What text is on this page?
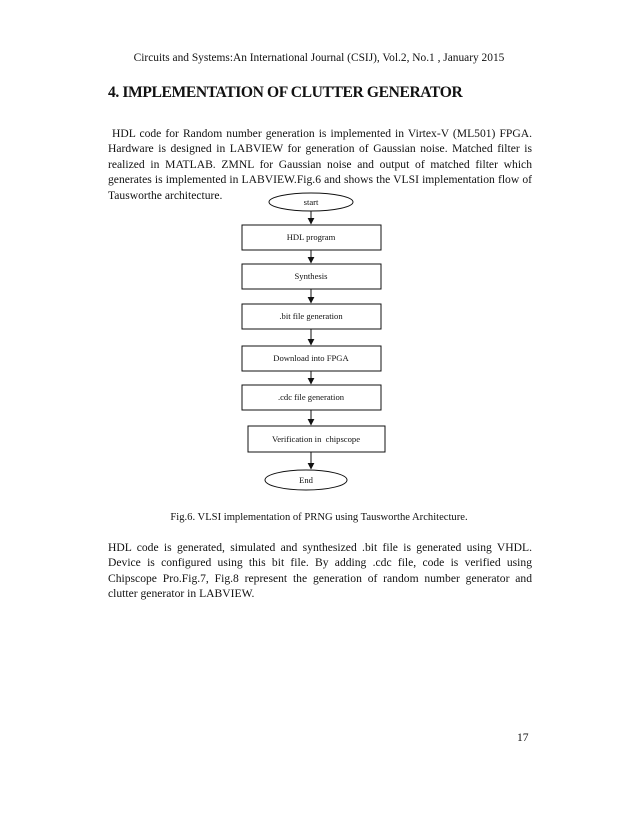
Circuits and Systems:An International Journal (CSIJ), Vol.2, No.1 , January 2015
4. IMPLEMENTATION OF CLUTTER GENERATOR

HDL code for Random number generation is implemented in Virtex-V (ML501) FPGA. Hardware is designed in LABVIEW for generation of Gaussian noise. Matched filter is realized in MATLAB. ZMNL for Gaussian noise and output of matched filter which generates is implemented in LABVIEW.Fig.6 and shows the VLSI implementation flow of Tausworthe architecture.

start
HDL program
Synthesis
.bit file generation
Download into FPGA
.cdc file generation
Verification in  chipscope
End
Fig.6. VLSI implementation of PRNG using Tausworthe Architecture.

HDL code is generated, simulated and synthesized .bit file is generated using VHDL. Device is configured using this bit file. By adding .cdc file, code is verified using Chipscope Pro.Fig.7, Fig.8 represent the generation of random number generator and clutter generator in LABVIEW.

17
